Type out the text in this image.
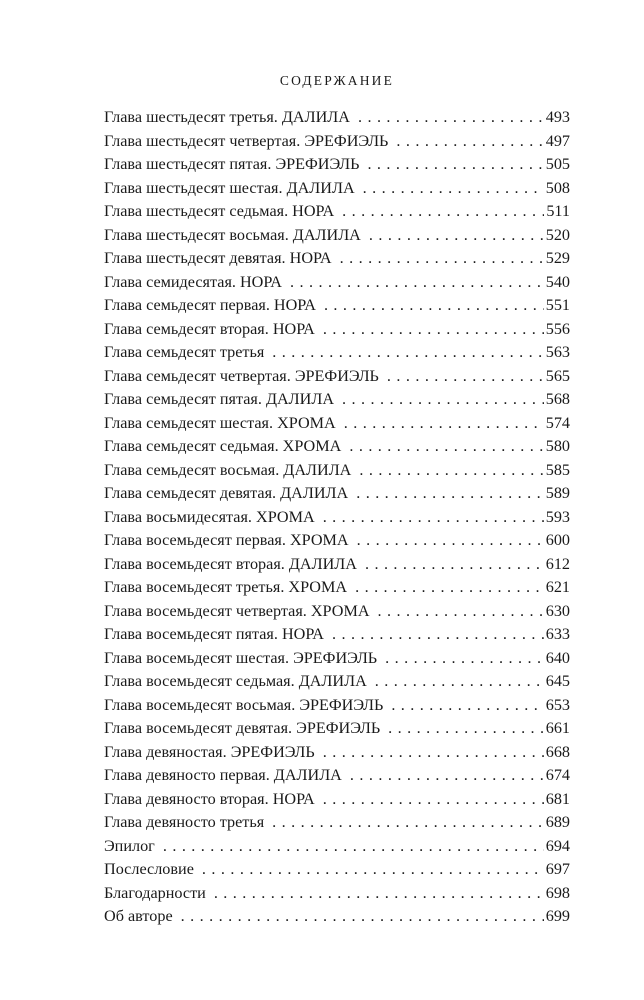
СОДЕРЖАНИЕ
Глава шестьдесят третья. ДАЛИЛА . . .	493
Глава шестьдесят четвертая. ЭРЕФИЭЛЬ . . .	497
Глава шестьдесят пятая. ЭРЕФИЭЛЬ . . .	505
Глава шестьдесят шестая. ДАЛИЛА . . .	508
Глава шестьдесят седьмая. НОРА . . .	511
Глава шестьдесят восьмая. ДАЛИЛА . . .	520
Глава шестьдесят девятая. НОРА . . .	529
Глава семидесятая. НОРА . . .	540
Глава семьдесят первая. НОРА . . .	551
Глава семьдесят вторая. НОРА . . .	556
Глава семьдесят третья . . .	563
Глава семьдесят четвертая. ЭРЕФИЭЛЬ . . .	565
Глава семьдесят пятая. ДАЛИЛА . . .	568
Глава семьдесят шестая. ХРОМА . . .	574
Глава семьдесят седьмая. ХРОМА . . .	580
Глава семьдесят восьмая. ДАЛИЛА . . .	585
Глава семьдесят девятая. ДАЛИЛА . . .	589
Глава восьмидесятая. ХРОМА . . .	593
Глава восемьдесят первая. ХРОМА . . .	600
Глава восемьдесят вторая. ДАЛИЛА . . .	612
Глава восемьдесят третья. ХРОМА . . .	621
Глава восемьдесят четвертая. ХРОМА . . .	630
Глава восемьдесят пятая. НОРА . . .	633
Глава восемьдесят шестая. ЭРЕФИЭЛЬ . . .	640
Глава восемьдесят седьмая. ДАЛИЛА . . .	645
Глава восемьдесят восьмая. ЭРЕФИЭЛЬ . . .	653
Глава восемьдесят девятая. ЭРЕФИЭЛЬ . . .	661
Глава девяностая. ЭРЕФИЭЛЬ . . .	668
Глава девяносто первая. ДАЛИЛА . . .	674
Глава девяносто вторая. НОРА . . .	681
Глава девяносто третья . . .	689
Эпилог . . .	694
Послесловие . . .	697
Благодарности . . .	698
Об авторе . . .	699
